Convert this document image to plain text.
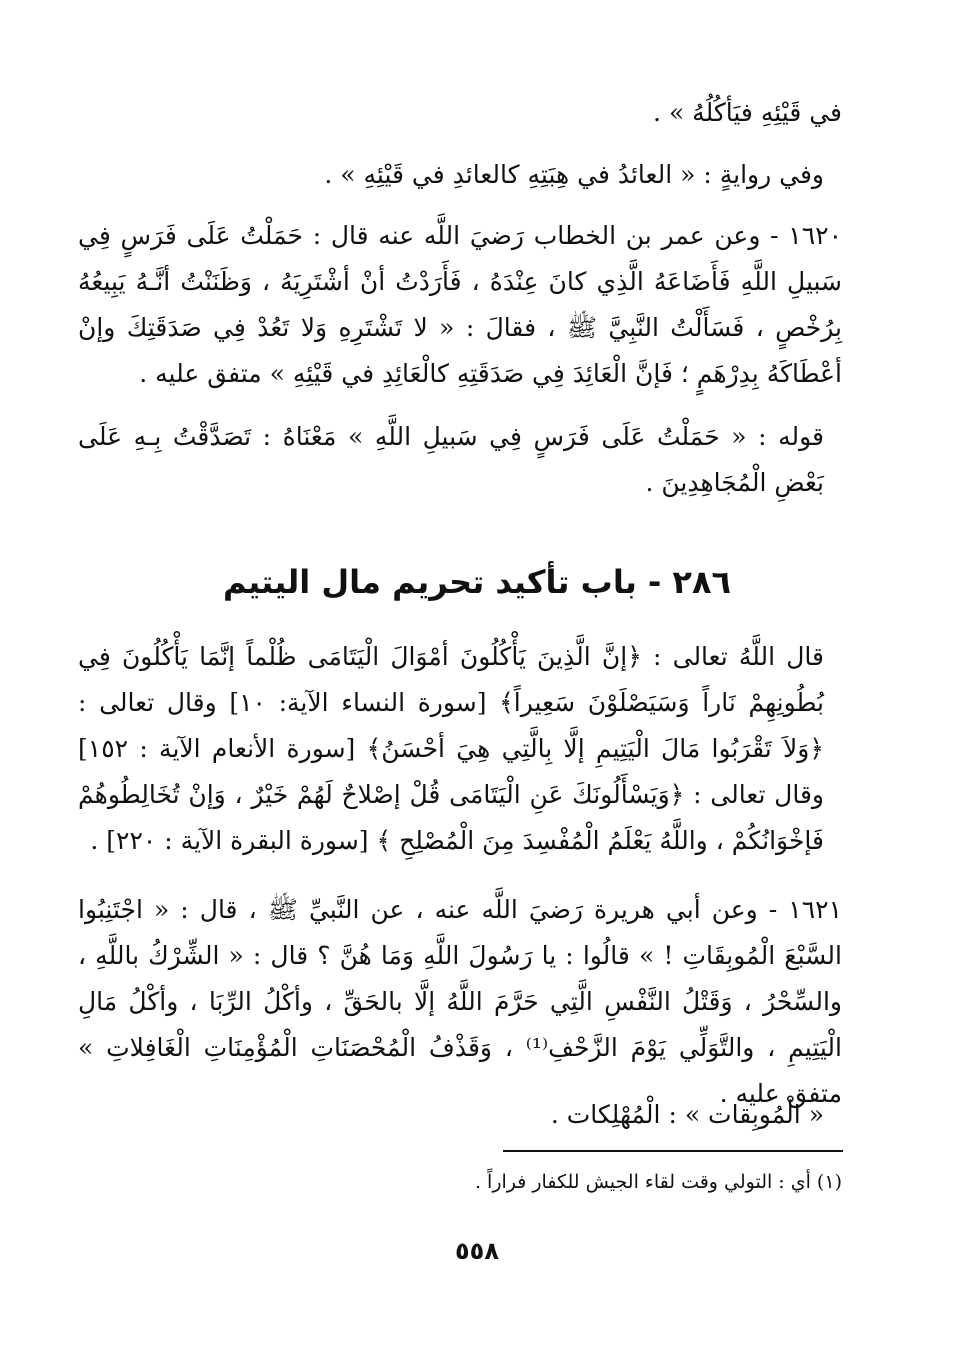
في قَيْئِهِ فيَأكُلُهُ » .
وفي روايةٍ : « العائدُ في هِبَتِهِ كالعائدِ في قَيْئِهِ » .
١٦٢٠ - وعن عمر بن الخطاب رَضيَ اللَّه عنه قال : حَمَلْتُ عَلَى فَرَسٍ فِي سَبيلِ اللَّهِ فَأَضَاعَهُ الَّذِي كانَ عِنْدَهُ ، فَأَرَدْتُ أنْ أشْتَرِيَهُ ، وَظَنَنْتُ أنَّـهُ يَبِيعُهُ بِرُخْصٍ ، فَسَأَلْتُ النَّبِيَّ ﷺ ، فقالَ : « لا تَشْتَرِهِ وَلا تَعُدْ فِي صَدَقَتِكَ وإنْ أعْطَاكَهُ بِدِرْهَمٍ ؛ فَإنَّ الْعَائِدَ فِي صَدَقَتِهِ كالْعَائِدِ في قَيْئِهِ » متفق عليه .
قوله : « حَمَلْتُ عَلَى فَرَسٍ فِي سَبيلِ اللَّهِ » مَعْنَاهُ : تَصَدَّقْتُ بِـهِ عَلَى بَعْضِ الْمُجَاهِدِينَ .
٢٨٦ - باب تأكيد تحريم مال اليتيم
قال اللَّهُ تعالى : ﴿إنَّ الَّذِينَ يَأْكُلُونَ أمْوَالَ الْيَتَامَى ظُلْماً إنَّمَا يَأْكُلُونَ فِي بُطُونِهِمْ نَاراً وَسَيَصْلَوْنَ سَعِيراً﴾ [سورة النساء الآية: ١٠] وقال تعالى : ﴿وَلاَ تَقْرَبُوا مَالَ الْيَتِيمِ إلَّا بِالَّتِي هِيَ أحْسَنُ﴾ [سورة الأنعام الآية : ١٥٢] وقال تعالى : ﴿وَيَسْأَلُونَكَ عَنِ الْيَتَامَى قُلْ إصْلاحٌ لَهُمْ خَيْرٌ ، وَإنْ تُخَالِطُوهُمْ فَإخْوَانُكُمْ ، واللَّهُ يَعْلَمُ الْمُفْسِدَ مِنَ الْمُصْلِحِ ﴾ [سورة البقرة الآية : ٢٢٠] .
١٦٢١ - وعن أبي هريرة رَضيَ اللَّه عنه ، عن النَّبيِّ ﷺ ، قال : « اجْتَنِبُوا السَّبْعَ الْمُوبِقَاتِ ! » قالُوا : يا رَسُولَ اللَّهِ وَمَا هُنَّ ؟ قال : « الشِّرْكُ باللَّهِ ، والسِّحْرُ ، وَقَتْلُ النَّفْسِ الَّتِي حَرَّمَ اللَّهُ إلَّا بالحَقِّ ، وأكْلُ الرِّبَا ، وأكْلُ مَالِ الْيَتِيمِ ، والتَّوَلِّي يَوْمَ الزَّحْفِ⁽¹⁾ ، وَقَذْفُ الْمُحْصَنَاتِ الْمُؤْمِنَاتِ الْغَافِلاتِ » متفق عليه .
« الْمُوبِقات » : الْمُهْلِكات .
(١) أي : التولي وقت لقاء الجيش للكفار فراراً .
٥٥٨
